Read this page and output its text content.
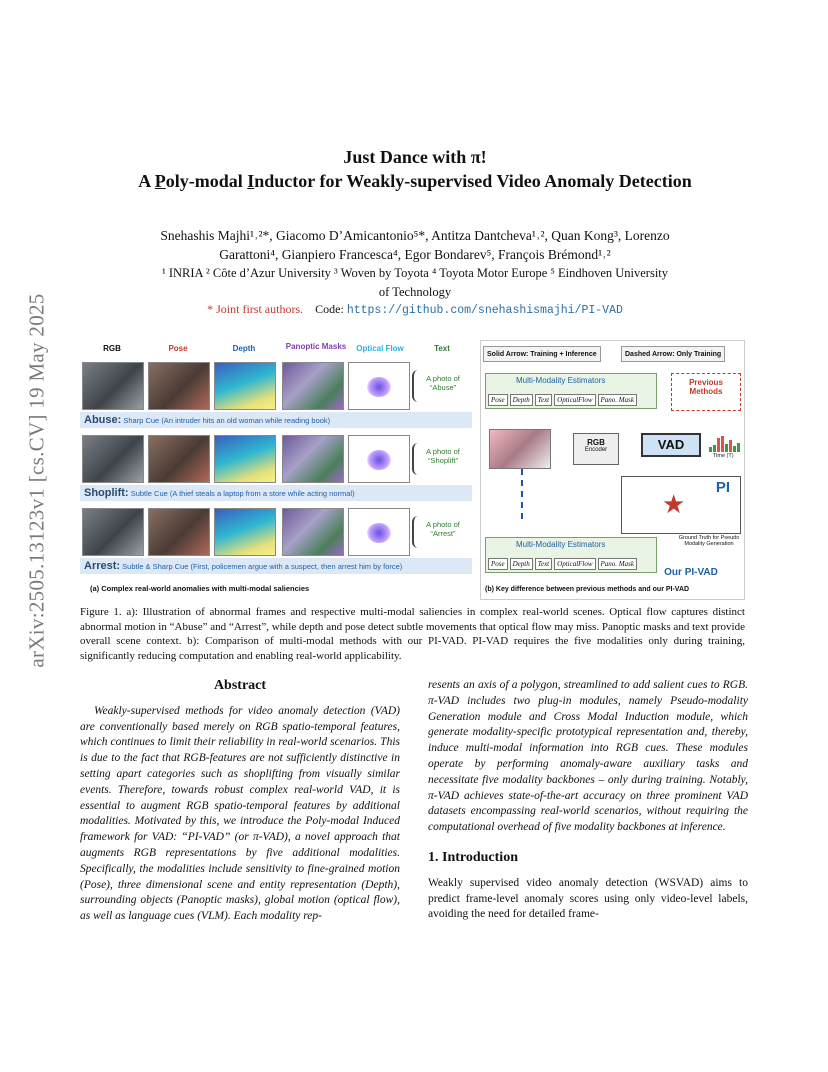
arXiv:2505.13123v1 [cs.CV] 19 May 2025
Just Dance with π!
A Poly-modal Inductor for Weakly-supervised Video Anomaly Detection
Snehashis Majhi¹˒²*, Giacomo D’Amicantonio⁵*, Antitza Dantcheva¹˒², Quan Kong³, Lorenzo
Garattoni⁴, Gianpiero Francesca⁴, Egor Bondarev⁵, François Brémond¹˒²
¹ INRIA ² Côte d’Azur University ³ Woven by Toyota ⁴ Toyota Motor Europe ⁵ Eindhoven University
of Technology
* Joint first authors. Code: https://github.com/snehashismajhi/PI-VAD
RGB	Pose	Depth	Panoptic Masks	Optical Flow	Text
A photo of “Abuse”
Abuse: Sharp Cue (An intruder hits an old woman while reading book)
A photo of “Shoplift”
Shoplift: Subtle Cue (A thief steals a laptop from a store while acting normal)
A photo of “Arrest”
Arrest: Subtle & Sharp Cue (First, policemen argue with a suspect, then arrest him by force)
(a) Complex real-world anomalies with multi-modal saliencies
Solid Arrow: Training + Inference	Dashed Arrow: Only Training
Multi-Modality Estimators
Pose	Depth	Text	OpticalFlow	Pano. Mask
Previous Methods
RGB
Encoder	VAD
Time (T)
PI
★
Ground Truth for Pseudo Modality Generation
Multi-Modality Estimators
Pose	Depth	Text	OpticalFlow	Pano. Mask
Our PI-VAD
(b) Key difference between previous methods and our PI-VAD
Figure 1. a): Illustration of abnormal frames and respective multi-modal saliencies in complex real-world scenes. Optical flow captures distinct abnormal motion in “Abuse” and “Arrest”, while depth and pose detect subtle movements that optical flow may miss. Panoptic masks and text provide overall scene context. b): Comparison of multi-modal methods with our PI-VAD. PI-VAD requires the five modalities only during training, significantly reducing computation and enabling real-world applicability.
Abstract
Weakly-supervised methods for video anomaly detection (VAD) are conventionally based merely on RGB spatio-temporal features, which continues to limit their reliability in real-world scenarios. This is due to the fact that RGB-features are not sufficiently distinctive in setting apart categories such as shoplifting from visually similar events. Therefore, towards robust complex real-world VAD, it is essential to augment RGB spatio-temporal features by additional modalities. Motivated by this, we introduce the Poly-modal Induced framework for VAD: “PI-VAD” (or π-VAD), a novel approach that augments RGB representations by five additional modalities. Specifically, the modalities include sensitivity to fine-grained motion (Pose), three dimensional scene and entity representation (Depth), surrounding objects (Panoptic masks), global motion (optical flow), as well as language cues (VLM). Each modality rep-
resents an axis of a polygon, streamlined to add salient cues to RGB. π-VAD includes two plug-in modules, namely Pseudo-modality Generation module and Cross Modal Induction module, which generate modality-specific prototypical representation and, thereby, induce multi-modal information into RGB cues. These modules operate by performing anomaly-aware auxiliary tasks and necessitate five modality backbones – only during training. Notably, π-VAD achieves state-of-the-art accuracy on three prominent VAD datasets encompassing real-world scenarios, without requiring the computational overhead of five modality backbones at inference.
1. Introduction
Weakly supervised video anomaly detection (WSVAD) aims to predict frame-level anomaly scores using only video-level labels, avoiding the need for detailed frame-
